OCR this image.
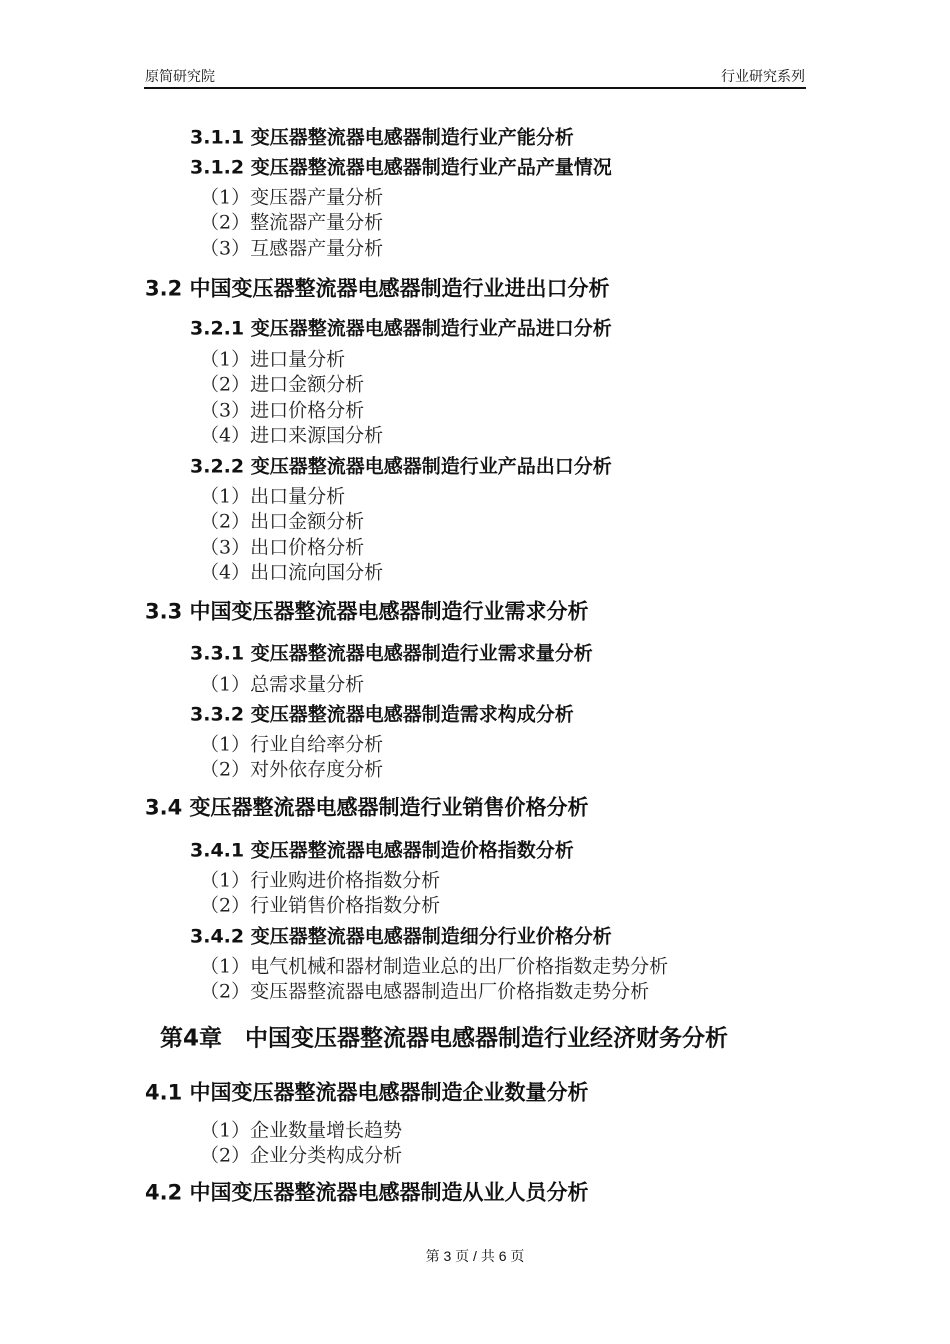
原简研究院	行业研究系列
3.1.1 变压器整流器电感器制造行业产能分析
3.1.2 变压器整流器电感器制造行业产品产量情况
（1）变压器产量分析
（2）整流器产量分析
（3）互感器产量分析
3.2 中国变压器整流器电感器制造行业进出口分析
3.2.1 变压器整流器电感器制造行业产品进口分析
（1）进口量分析
（2）进口金额分析
（3）进口价格分析
（4）进口来源国分析
3.2.2 变压器整流器电感器制造行业产品出口分析
（1）出口量分析
（2）出口金额分析
（3）出口价格分析
（4）出口流向国分析
3.3 中国变压器整流器电感器制造行业需求分析
3.3.1 变压器整流器电感器制造行业需求量分析
（1）总需求量分析
3.3.2 变压器整流器电感器制造需求构成分析
（1）行业自给率分析
（2）对外依存度分析
3.4 变压器整流器电感器制造行业销售价格分析
3.4.1 变压器整流器电感器制造价格指数分析
（1）行业购进价格指数分析
（2）行业销售价格指数分析
3.4.2 变压器整流器电感器制造细分行业价格分析
（1）电气机械和器材制造业总的出厂价格指数走势分析
（2）变压器整流器电感器制造出厂价格指数走势分析
第4章　中国变压器整流器电感器制造行业经济财务分析
4.1 中国变压器整流器电感器制造企业数量分析
（1）企业数量增长趋势
（2）企业分类构成分析
4.2 中国变压器整流器电感器制造从业人员分析
第 3 页 / 共 6 页
